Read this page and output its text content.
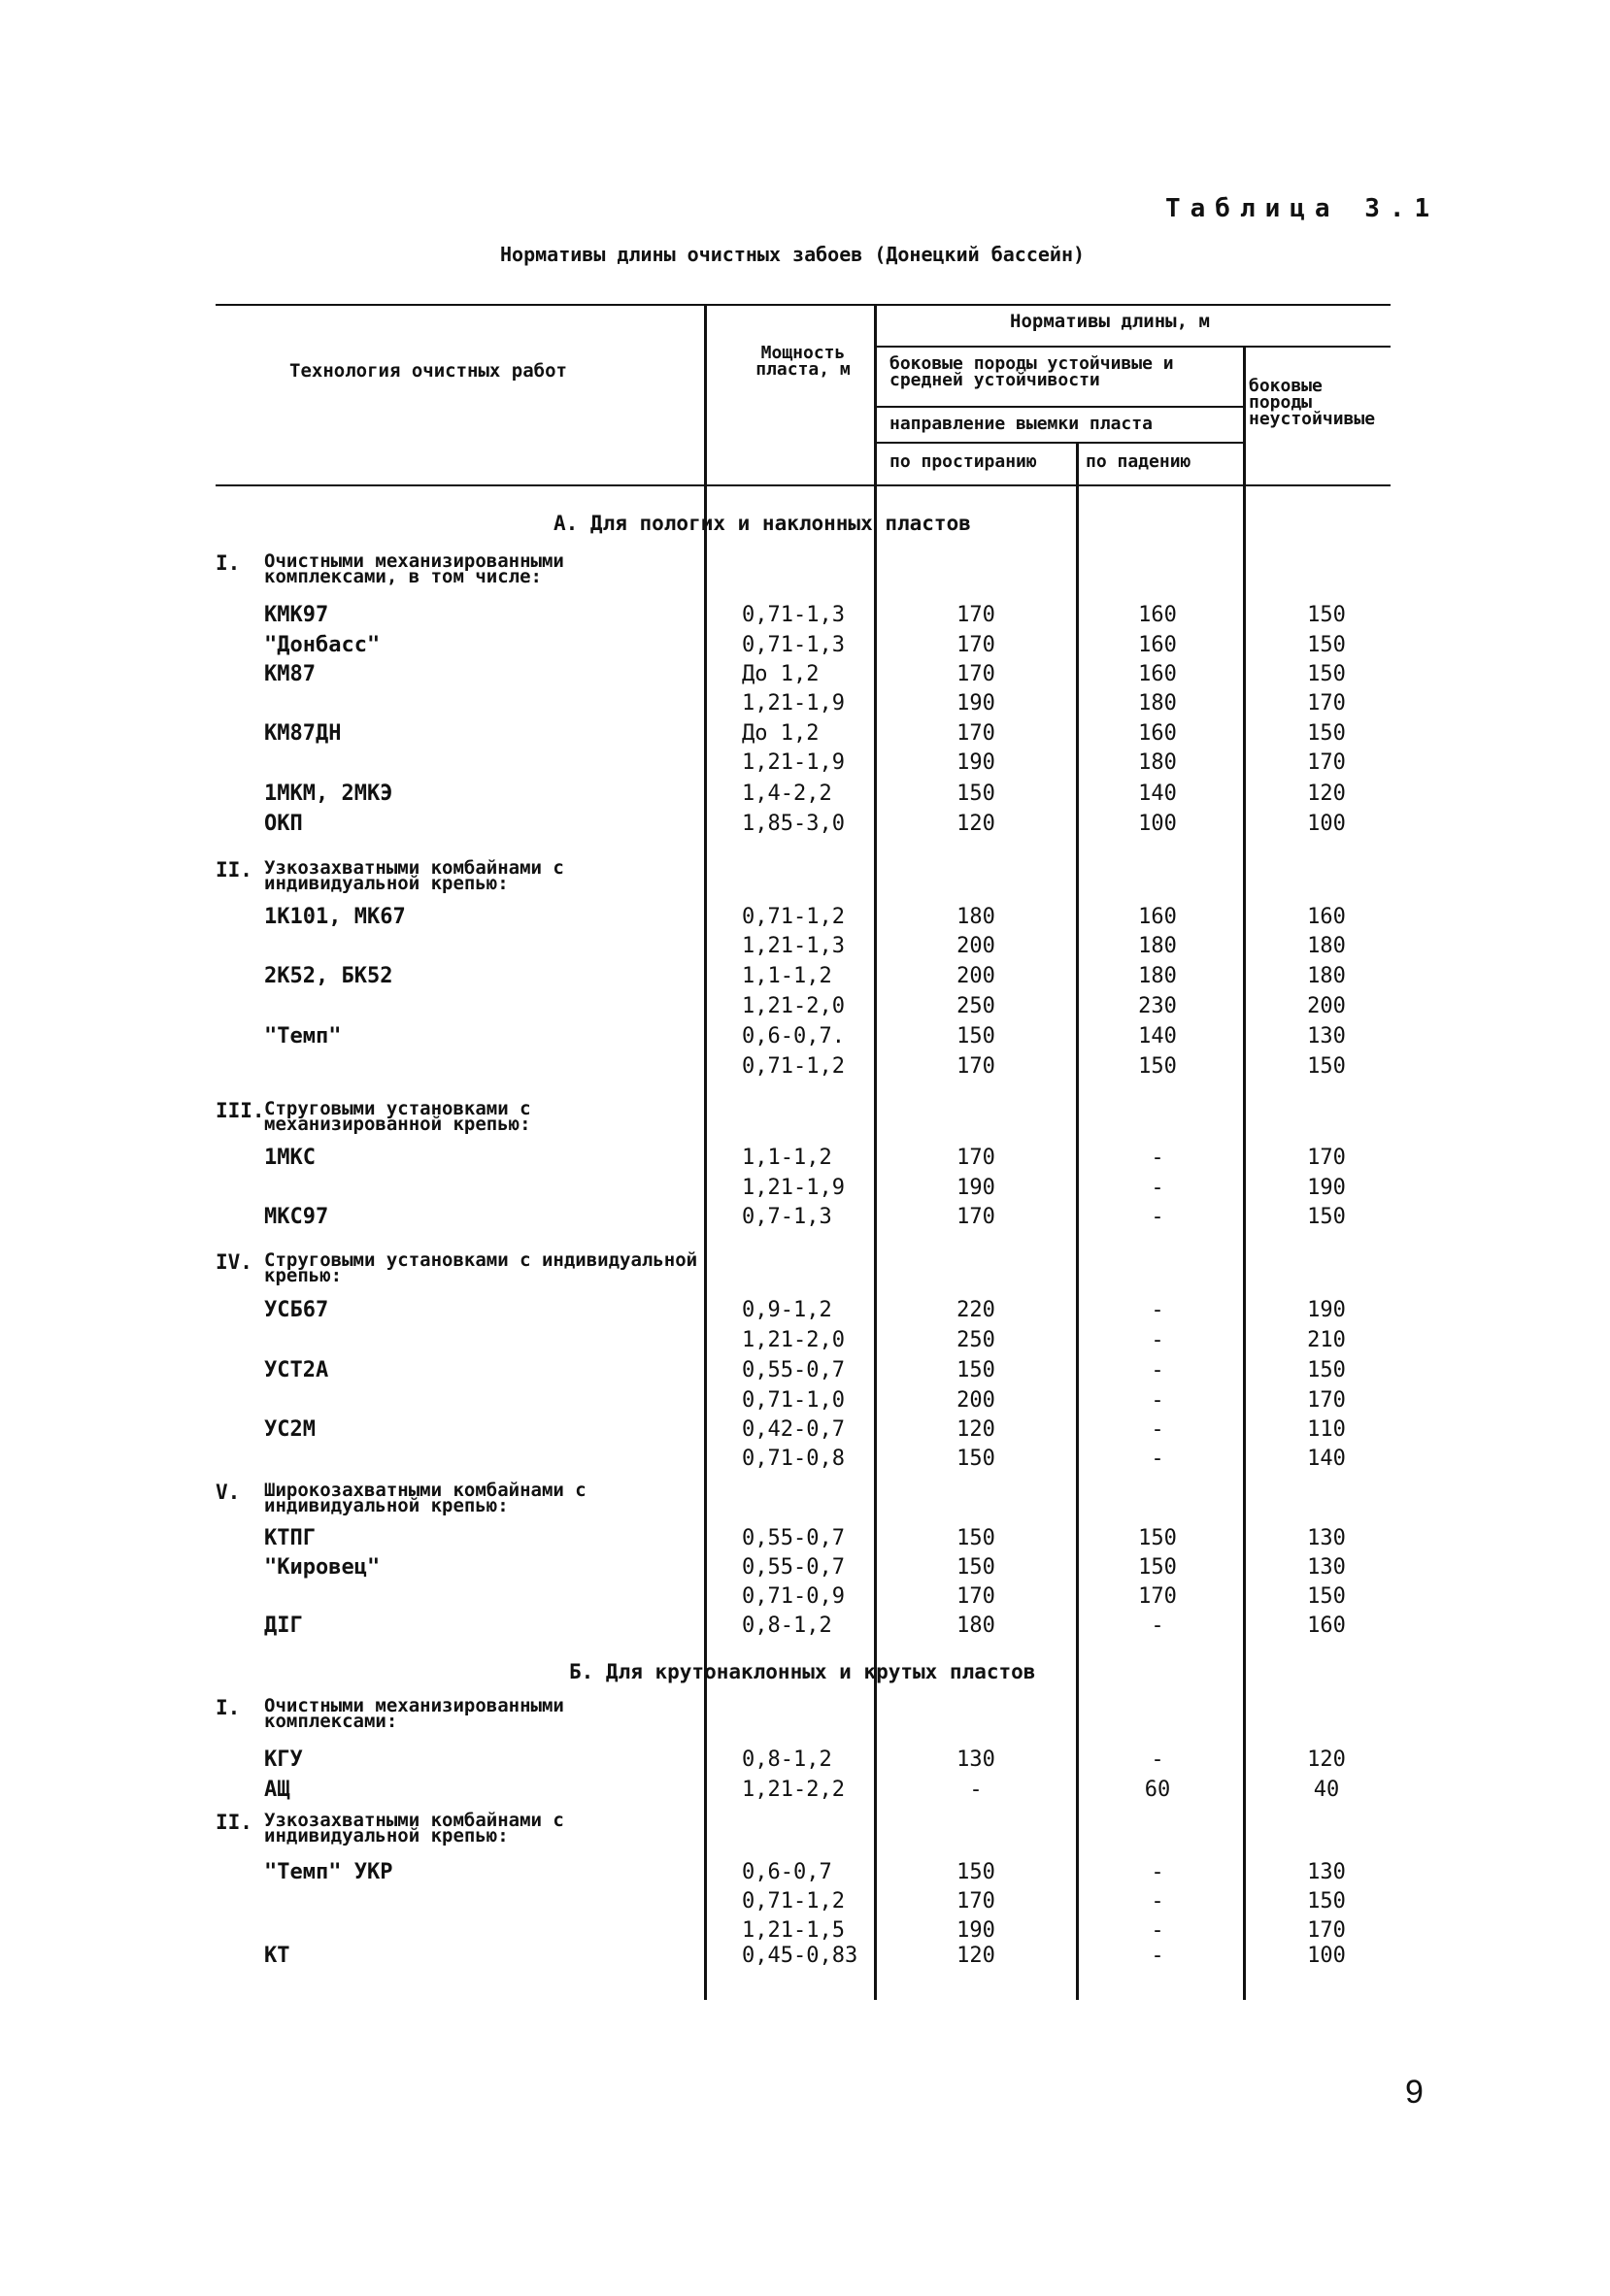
Таблица 3.1
Нормативы длины очистных забоев (Донецкий бассейн)
Технология очистных работ
Мощность пласта, м
Нормативы длины, м
боковые породы устойчивые и средней устойчивости
направление выемки пласта
по простиранию	по падению
боковые породы неустойчивые
А. Для пологих и наклонных пластов
Б. Для крутонаклонных и крутых пластов
I. Очистными механизированными комплексами, в том числе:
II. Узкозахватными комбайнами с индивидуальной крепью:
III. Струговыми установками с механизированной крепью:
IV. Струговыми установками с индивидуальной крепью:
V. Широкозахватными комбайнами с индивидуальной крепью:
I. Очистными механизированными комплексами:
II. Узкозахватными комбайнами с индивидуальной крепью:
КМК97	0,71-1,3	170	160	150
"Донбасс"	0,71-1,3	170	160	150
КМ87	До 1,2	170	160	150
1,21-1,9	190	180	170
КМ87ДН	До 1,2	170	160	150
1,21-1,9	190	180	170
1МКМ, 2МКЭ	1,4-2,2	150	140	120
ОКП	1,85-3,0	120	100	100
1К101, МК67	0,71-1,2	180	160	160
1,21-1,3	200	180	180
2К52, БК52	1,1-1,2	200	180	180
1,21-2,0	250	230	200
"Темп"	0,6-0,7.	150	140	130
0,71-1,2	170	150	150
1МКС	1,1-1,2	170	-	170
1,21-1,9	190	-	190
МКС97	0,7-1,3	170	-	150
УСБ67	0,9-1,2	220	-	190
1,21-2,0	250	-	210
УСТ2А	0,55-0,7	150	-	150
0,71-1,0	200	-	170
УС2М	0,42-0,7	120	-	110
0,71-0,8	150	-	140
КТПГ	0,55-0,7	150	150	130
"Кировец"	0,55-0,7	150	150	130
0,71-0,9	170	170	150
ДІГ	0,8-1,2	180	-	160
КГУ	0,8-1,2	130	-	120
АЩ	1,21-2,2	-	60	40
"Темп" УКР	0,6-0,7	150	-	130
0,71-1,2	170	-	150
1,21-1,5	190	-	170
КТ	0,45-0,83	120	-	100
9
